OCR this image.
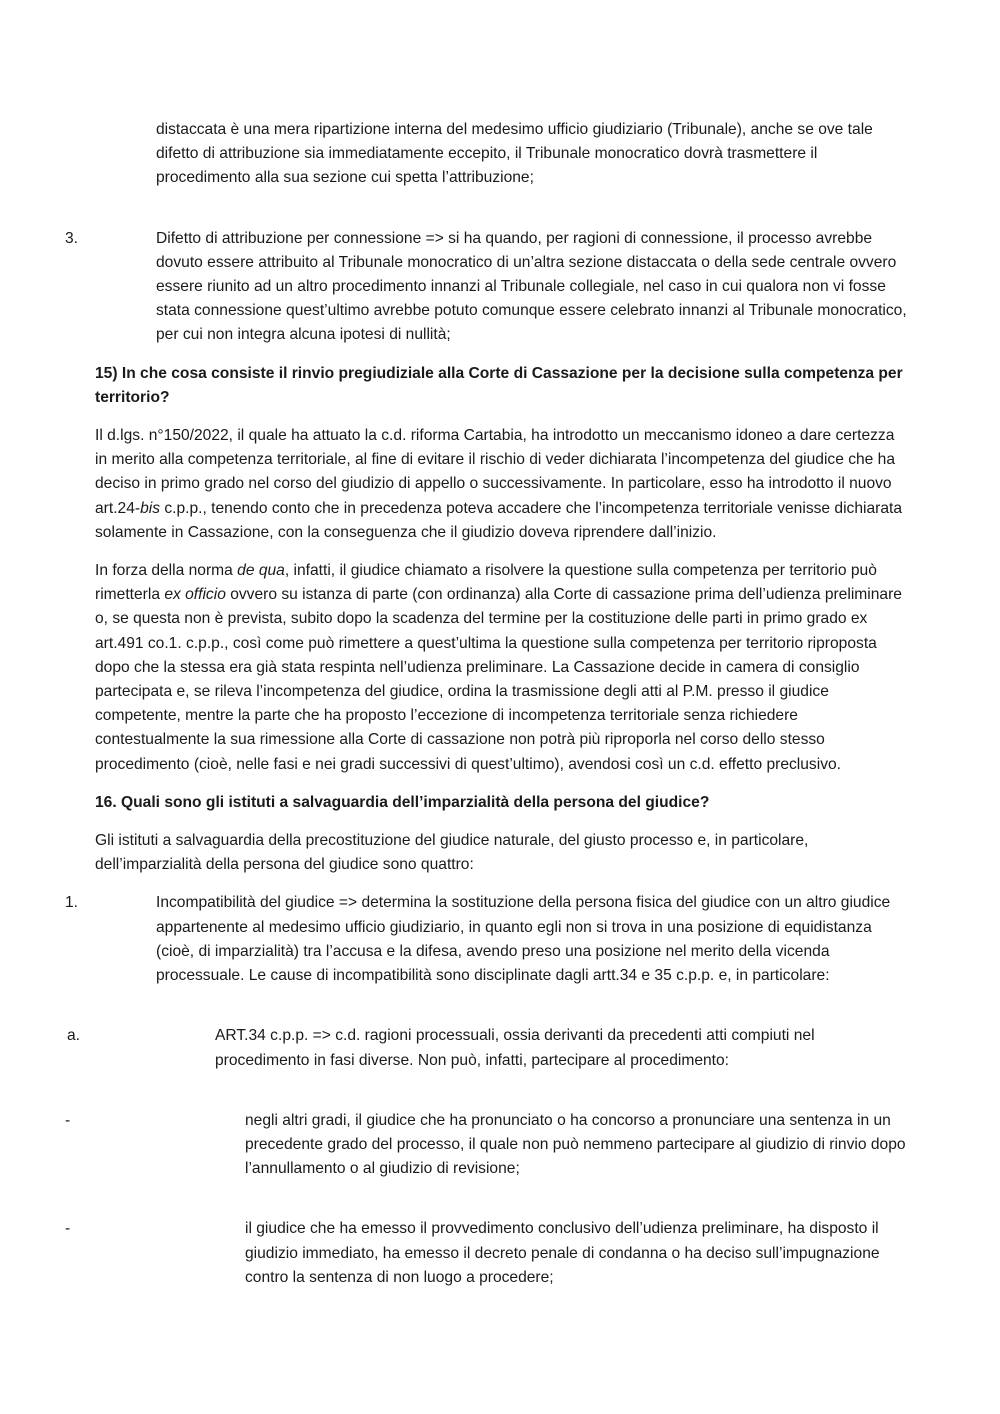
distaccata è una mera ripartizione interna del medesimo ufficio giudiziario (Tribunale), anche se ove tale difetto di attribuzione sia immediatamente eccepito, il Tribunale monocratico dovrà trasmettere il procedimento alla sua sezione cui spetta l’attribuzione;
3.	Difetto di attribuzione per connessione => si ha quando, per ragioni di connessione, il processo avrebbe dovuto essere attribuito al Tribunale monocratico di un’altra sezione distaccata o della sede centrale ovvero essere riunito ad un altro procedimento innanzi al Tribunale collegiale, nel caso in cui qualora non vi fosse stata connessione quest’ultimo avrebbe potuto comunque essere celebrato innanzi al Tribunale monocratico, per cui non integra alcuna ipotesi di nullità;
15) In che cosa consiste il rinvio pregiudiziale alla Corte di Cassazione per la decisione sulla competenza per territorio?
Il d.lgs. n°150/2022, il quale ha attuato la c.d. riforma Cartabia, ha introdotto un meccanismo idoneo a dare certezza in merito alla competenza territoriale, al fine di evitare il rischio di veder dichiarata l’incompetenza del giudice che ha deciso in primo grado nel corso del giudizio di appello o successivamente. In particolare, esso ha introdotto il nuovo art.24-bis c.p.p., tenendo conto che in precedenza poteva accadere che l’incompetenza territoriale venisse dichiarata solamente in Cassazione, con la conseguenza che il giudizio doveva riprendere dall’inizio.
In forza della norma de qua, infatti, il giudice chiamato a risolvere la questione sulla competenza per territorio può rimetterla ex officio ovvero su istanza di parte (con ordinanza) alla Corte di cassazione prima dell’udienza preliminare o, se questa non è prevista, subito dopo la scadenza del termine per la costituzione delle parti in primo grado ex art.491 co.1. c.p.p., così come può rimettere a quest’ultima la questione sulla competenza per territorio riproposta dopo che la stessa era già stata respinta nell’udienza preliminare. La Cassazione decide in camera di consiglio partecipata e, se rileva l’incompetenza del giudice, ordina la trasmissione degli atti al P.M. presso il giudice competente, mentre la parte che ha proposto l’eccezione di incompetenza territoriale senza richiedere contestualmente la sua rimessione alla Corte di cassazione non potrà più riproporla nel corso dello stesso procedimento (cioè, nelle fasi e nei gradi successivi di quest’ultimo), avendosi così un c.d. effetto preclusivo.
16. Quali sono gli istituti a salvaguardia dell’imparzialità della persona del giudice?
Gli istituti a salvaguardia della precostituzione del giudice naturale, del giusto processo e, in particolare, dell’imparzialità della persona del giudice sono quattro:
1.	Incompatibilità del giudice => determina la sostituzione della persona fisica del giudice con un altro giudice appartenente al medesimo ufficio giudiziario, in quanto egli non si trova in una posizione di equidistanza (cioè, di imparzialità) tra l’accusa e la difesa, avendo preso una posizione nel merito della vicenda processuale. Le cause di incompatibilità sono disciplinate dagli artt.34 e 35 c.p.p. e, in particolare:
a.	ART.34 c.p.p. => c.d. ragioni processuali, ossia derivanti da precedenti atti compiuti nel procedimento in fasi diverse. Non può, infatti, partecipare al procedimento:
-	negli altri gradi, il giudice che ha pronunciato o ha concorso a pronunciare una sentenza in un precedente grado del processo, il quale non può nemmeno partecipare al giudizio di rinvio dopo l’annullamento o al giudizio di revisione;
-	il giudice che ha emesso il provvedimento conclusivo dell’udienza preliminare, ha disposto il giudizio immediato, ha emesso il decreto penale di condanna o ha deciso sull’impugnazione contro la sentenza di non luogo a procedere;
